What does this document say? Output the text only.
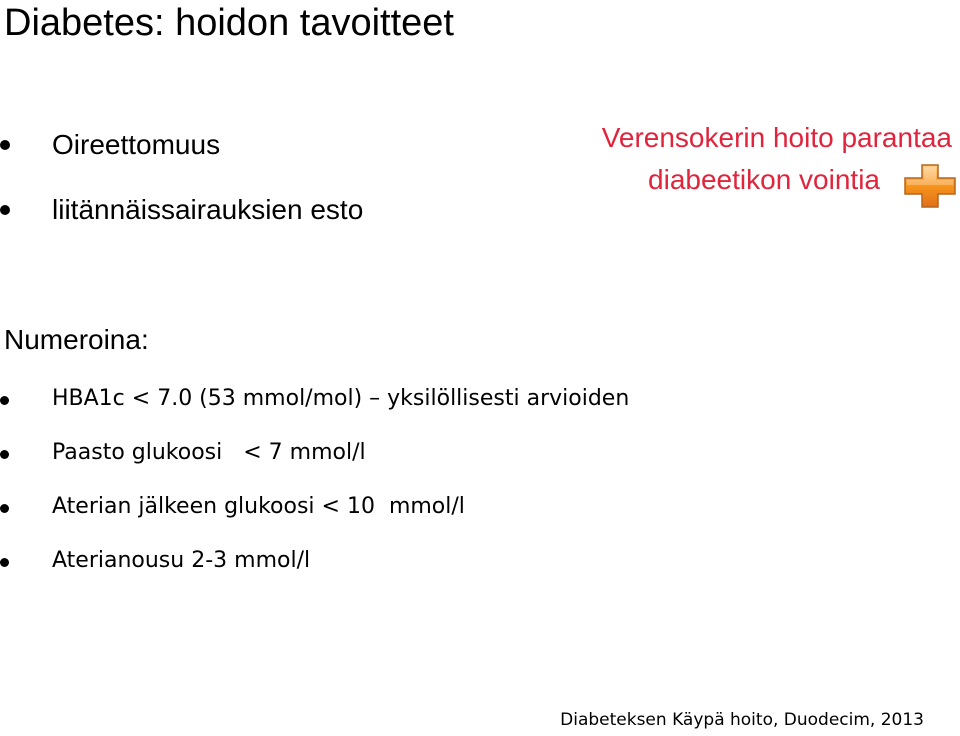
Diabetes: hoidon tavoitteet
Oireettomuus
liitännäissairauksien esto
Verensokerin hoito parantaa
diabeetikon vointia
Numeroina:
HBA1c < 7.0 (53 mmol/mol) – yksilöllisesti arvioiden
Paasto glukoosi   < 7 mmol/l
Aterian jälkeen glukoosi < 10  mmol/l
Aterianousu 2-3 mmol/l
Diabeteksen Käypä hoito, Duodecim, 2013
